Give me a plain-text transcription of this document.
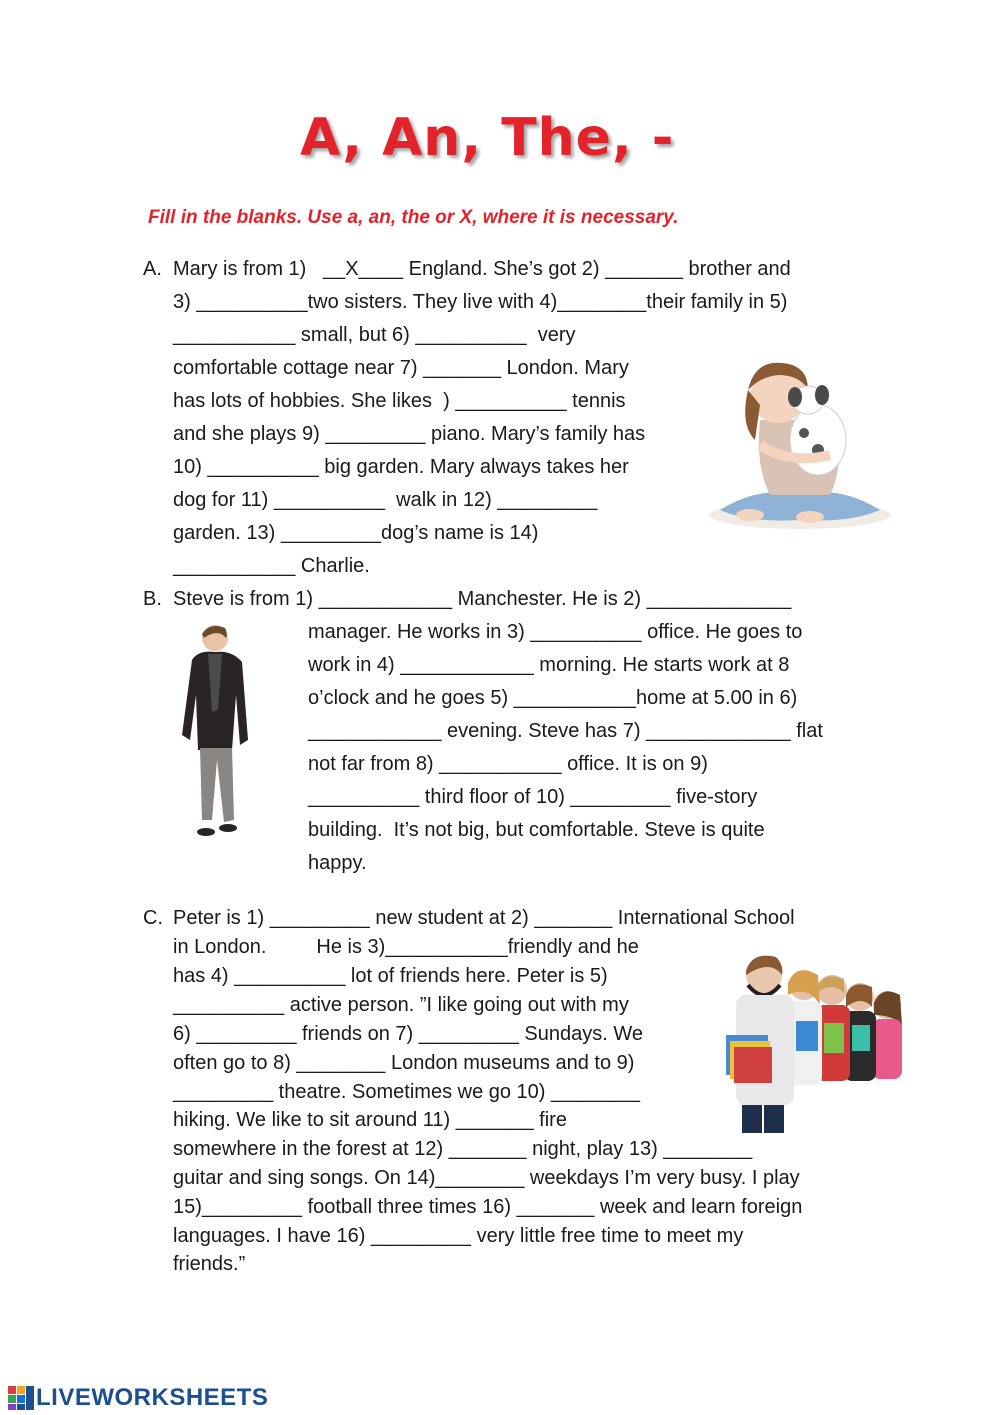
A, An, The, -
Fill in the blanks. Use a, an, the or X, where it is necessary.
A. Mary is from 1)   __X____ England. She’s got 2) _______ brother and
3) __________two sisters. They live with 4)________their family in 5)
___________ small, but 6) __________  very
comfortable cottage near 7) _______ London. Mary
has lots of hobbies. She likes  ) __________ tennis
and she plays 9) _________ piano. Mary’s family has
10) __________ big garden. Mary always takes her
dog for 11) __________  walk in 12) _________
garden. 13) _________dog’s name is 14)
___________ Charlie.
B. Steve is from 1) ____________ Manchester. He is 2) _____________
manager. He works in 3) __________ office. He goes to
work in 4) ____________ morning. He starts work at 8
o’clock and he goes 5) ___________home at 5.00 in 6)
____________ evening. Steve has 7) _____________ flat
not far from 8) ___________ office. It is on 9)
__________ third floor of 10) _________ five-story
building.  It’s not big, but comfortable. Steve is quite
happy.
C. Peter is 1) _________ new student at 2) _______ International School
in London.         He is 3)___________friendly and he
has 4) __________ lot of friends here. Peter is 5)
__________ active person. ”I like going out with my
6) _________ friends on 7) _________ Sundays. We
often go to 8) ________ London museums and to 9)
_________ theatre. Sometimes we go 10) ________
hiking. We like to sit around 11) _______ fire
somewhere in the forest at 12) _______ night, play 13) ________
guitar and sing songs. On 14)________ weekdays I’m very busy. I play
15)_________ football three times 16) _______ week and learn foreign
languages. I have 16) _________ very little free time to meet my
friends.”
LIVEWORKSHEETS
